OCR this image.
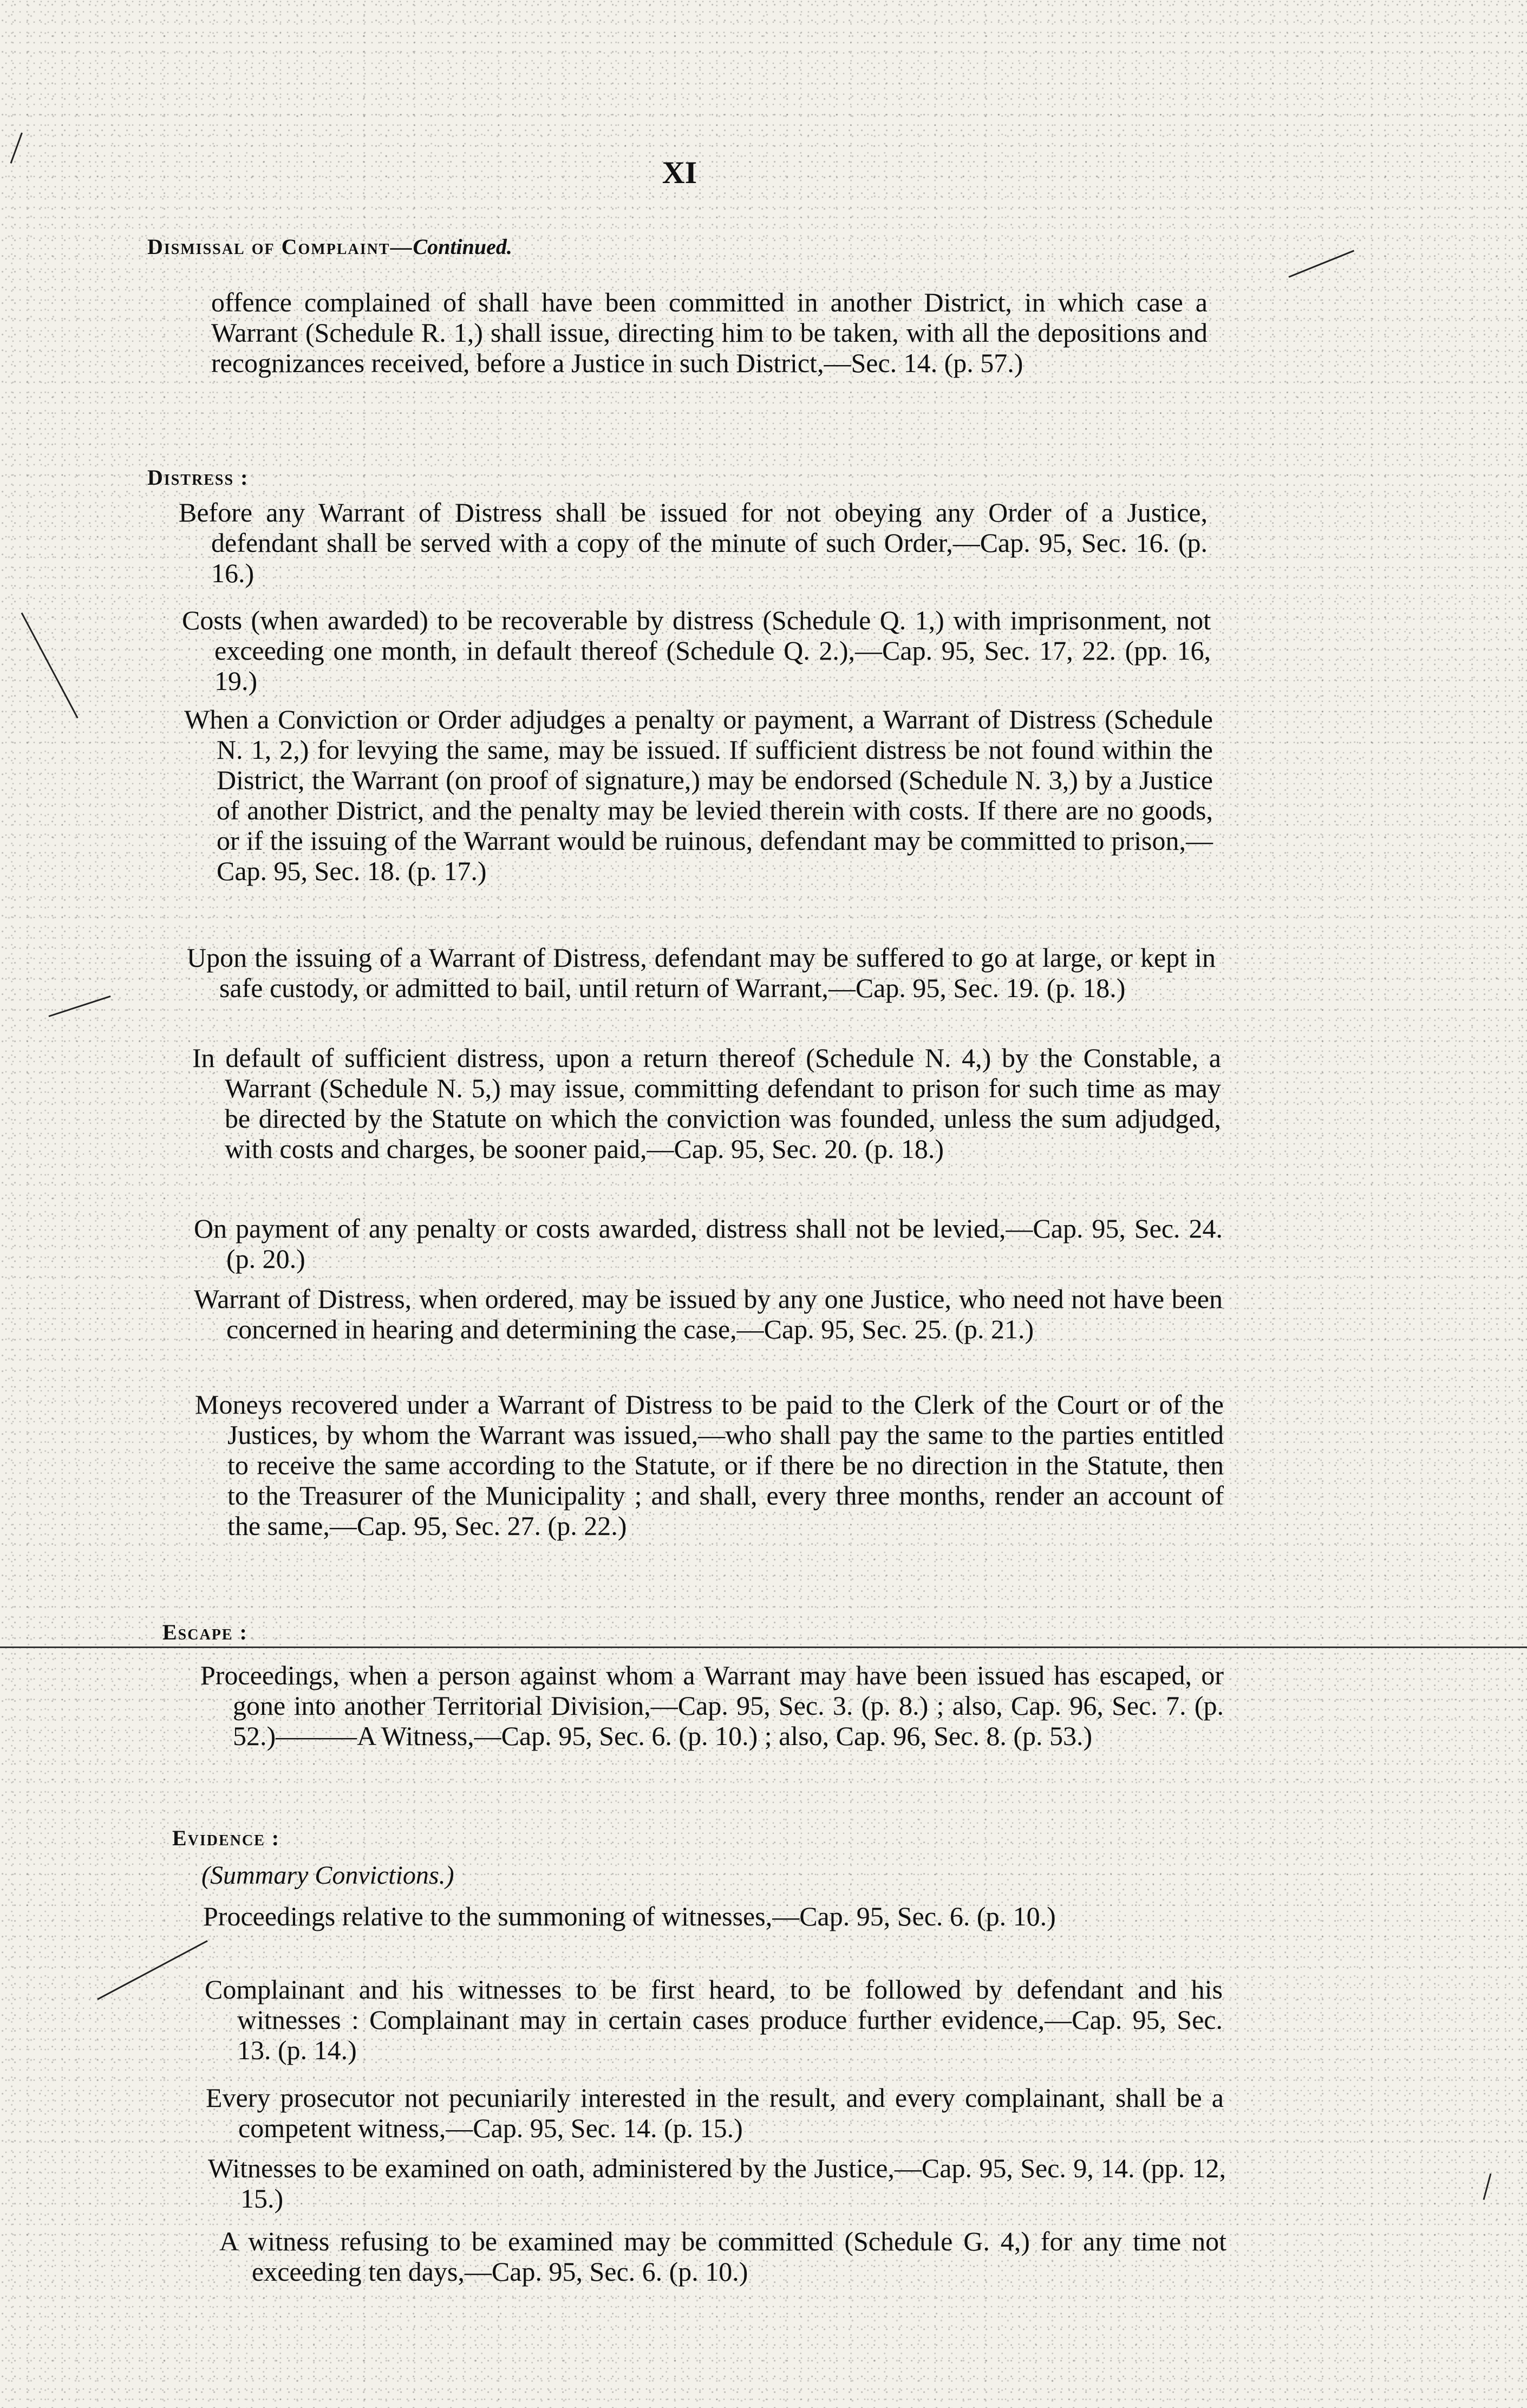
XI
Dismissal of Complaint—Continued.

offence complained of shall have been committed in another District, in which case a Warrant (Schedule R. 1,) shall issue, directing him to be taken, with all the depositions and recognizances received, before a Justice in such District,—Sec. 14. (p. 57.)

Distress :

Before any Warrant of Distress shall be issued for not obeying any Order of a Justice, defendant shall be served with a copy of the minute of such Order,—Cap. 95, Sec. 16. (p. 16.)

Costs (when awarded) to be recoverable by distress (Schedule Q. 1,) with imprisonment, not exceeding one month, in default thereof (Schedule Q. 2.),—Cap. 95, Sec. 17, 22. (pp. 16, 19.)

When a Conviction or Order adjudges a penalty or payment, a Warrant of Distress (Schedule N. 1, 2,) for levying the same, may be issued. If sufficient distress be not found within the District, the Warrant (on proof of signature,) may be endorsed (Schedule N. 3,) by a Justice of another District, and the penalty may be levied therein with costs. If there are no goods, or if the issuing of the Warrant would be ruinous, defendant may be committed to prison,—Cap. 95, Sec. 18. (p. 17.)

Upon the issuing of a Warrant of Distress, defendant may be suffered to go at large, or kept in safe custody, or admitted to bail, until return of Warrant,—Cap. 95, Sec. 19. (p. 18.)

In default of sufficient distress, upon a return thereof (Schedule N. 4,) by the Constable, a Warrant (Schedule N. 5,) may issue, committing defendant to prison for such time as may be directed by the Statute on which the conviction was founded, unless the sum adjudged, with costs and charges, be sooner paid,—Cap. 95, Sec. 20. (p. 18.)

On payment of any penalty or costs awarded, distress shall not be levied,—Cap. 95, Sec. 24. (p. 20.)

Warrant of Distress, when ordered, may be issued by any one Justice, who need not have been concerned in hearing and determining the case,—Cap. 95, Sec. 25. (p. 21.)

Moneys recovered under a Warrant of Distress to be paid to the Clerk of the Court or of the Justices, by whom the Warrant was issued,—who shall pay the same to the parties entitled to receive the same according to the Statute, or if there be no direction in the Statute, then to the Treasurer of the Municipality ; and shall, every three months, render an account of the same,—Cap. 95, Sec. 27. (p. 22.)

Escape :

Proceedings, when a person against whom a Warrant may have been issued has escaped, or gone into another Territorial Division,—Cap. 95, Sec. 3. (p. 8.) ; also, Cap. 96, Sec. 7. (p. 52.)———A Witness,—Cap. 95, Sec. 6. (p. 10.) ; also, Cap. 96, Sec. 8. (p. 53.)

Evidence :
(Summary Convictions.)

Proceedings relative to the summoning of witnesses,—Cap. 95, Sec. 6. (p. 10.)

Complainant and his witnesses to be first heard, to be followed by defendant and his witnesses : Complainant may in certain cases produce further evidence,—Cap. 95, Sec. 13. (p. 14.)

Every prosecutor not pecuniarily interested in the result, and every complainant, shall be a competent witness,—Cap. 95, Sec. 14. (p. 15.)

Witnesses to be examined on oath, administered by the Justice,—Cap. 95, Sec. 9, 14. (pp. 12, 15.)

A witness refusing to be examined may be committed (Schedule G. 4,) for any time not exceeding ten days,—Cap. 95, Sec. 6. (p. 10.)
